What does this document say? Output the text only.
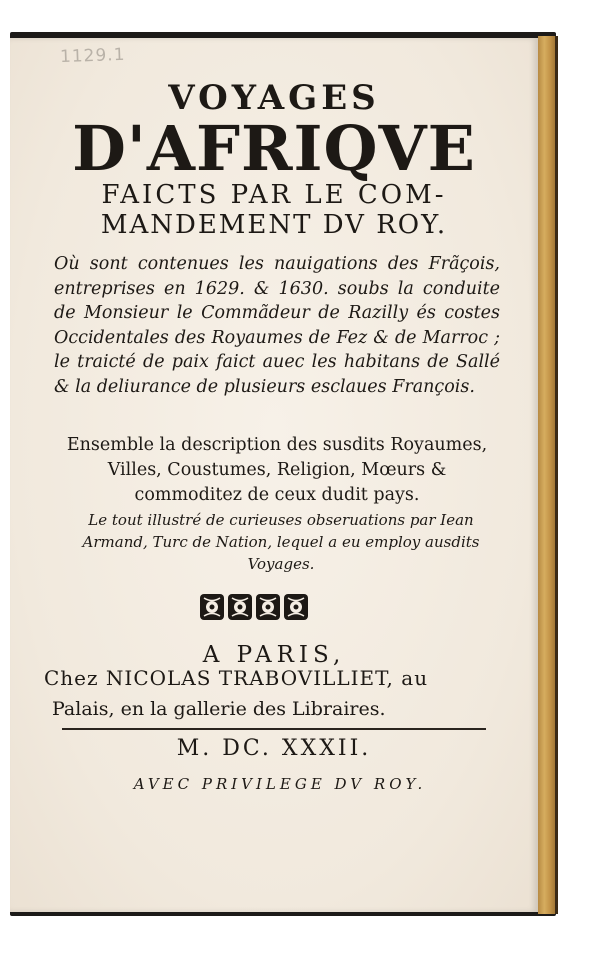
1129.1
VOYAGES
D'AFRIQVE
FAICTS PAR LE COM-
MANDEMENT DV ROY.
Où sont contenues les nauigations des Frãçois, entreprises en 1629. & 1630. soubs la conduite de Monsieur le Commãdeur de Razilly és costes Occidentales des Royaumes de Fez & de Marroc ; le traicté de paix faict auec les habitans de Sallé & la deliurance de plusieurs esclaues François.
Ensemble la description des susdits Royaumes, Villes, Coustumes, Religion, Mœurs & commoditez de ceux dudit pays.
Le tout illustré de curieuses obseruations par Iean Armand, Turc de Nation, lequel a eu employ ausdits Voyages.
A PARIS,
Chez NICOLAS TRABOVILLIET, au
Palais, en la gallerie des Libraires.
M. DC. XXXII.
AVEC PRIVILEGE DV ROY.
